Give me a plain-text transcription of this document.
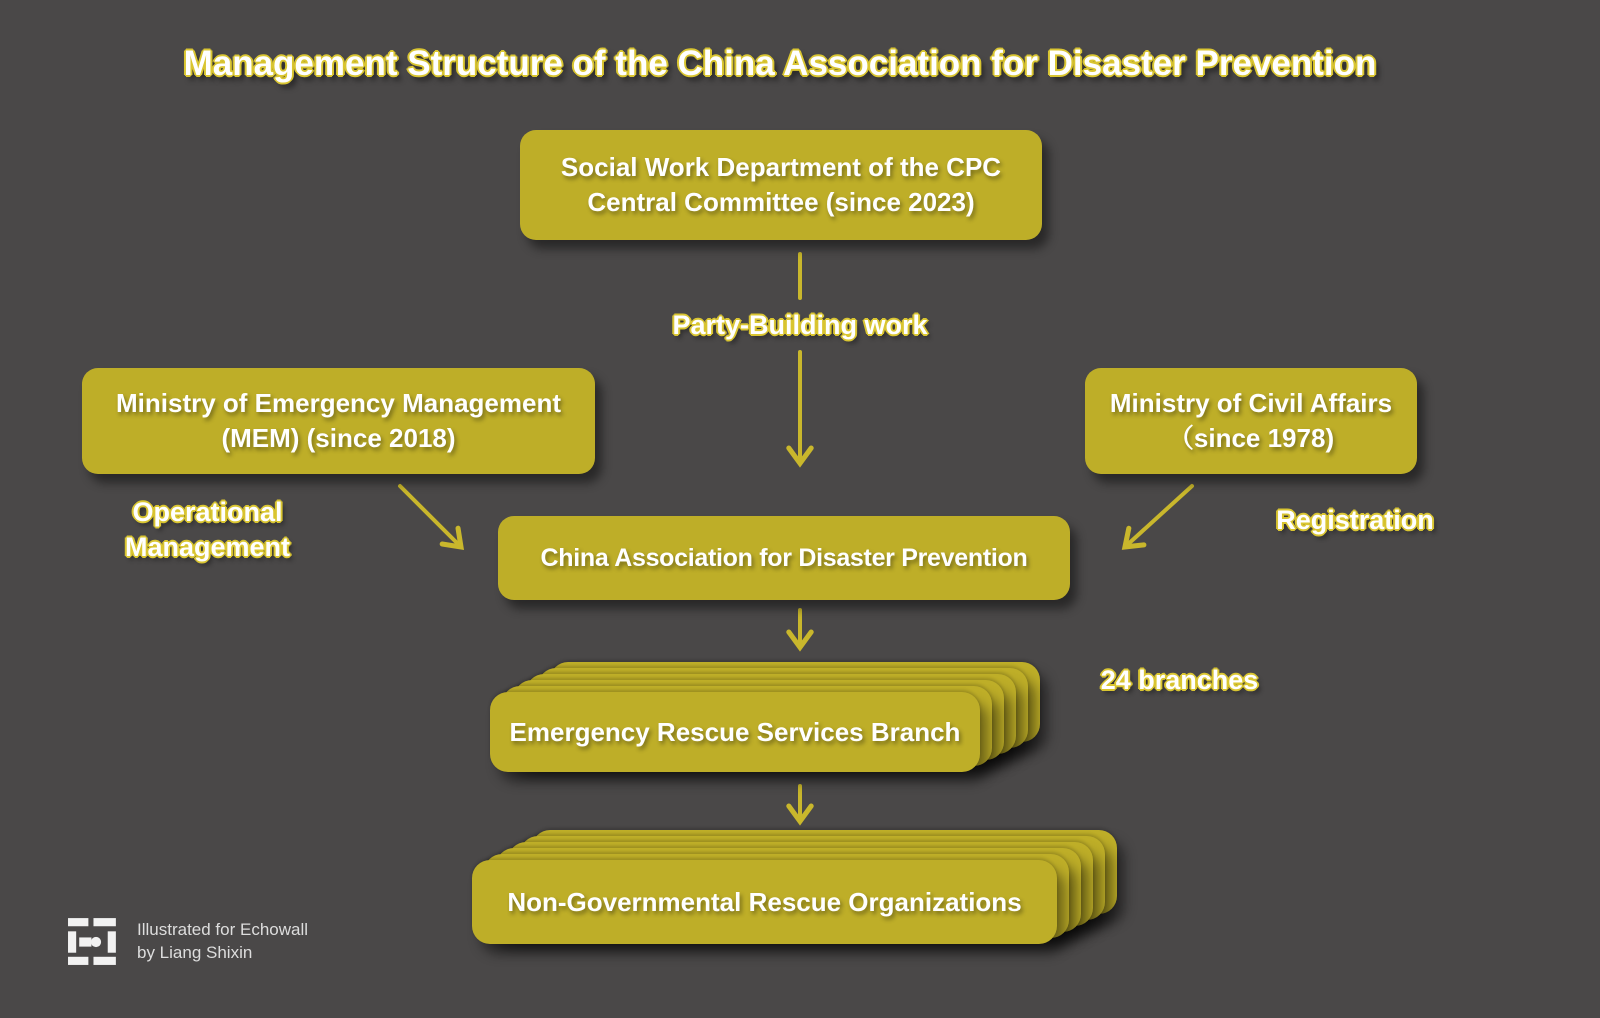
Management Structure of the China Association for Disaster Prevention
Social Work Department of the CPC
Central Committee (since 2023)
Ministry of Emergency Management
(MEM) (since 2018)
Ministry of Civil Affairs
（since 1978)
China Association for Disaster Prevention
Party-Building work
Operational Management
Registration
24 branches
Emergency Rescue Services Branch
Non-Governmental Rescue Organizations
Illustrated for Echowall
by Liang Shixin
